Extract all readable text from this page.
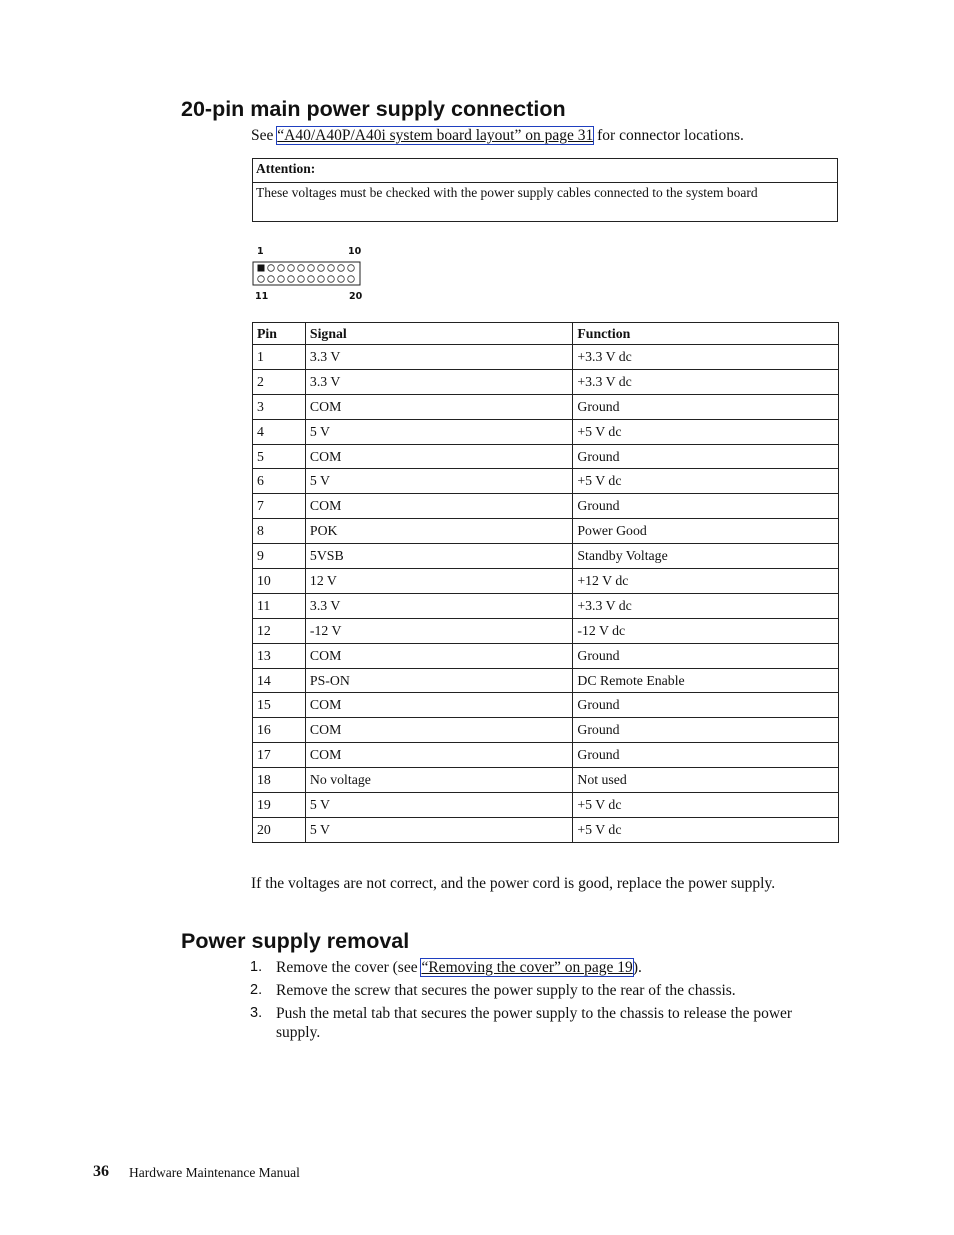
20-pin main power supply connection
See “A40/A40P/A40i system board layout” on page 31 for connector locations.
Attention:
These voltages must be checked with the power supply cables connected to the system board
1	10
11	20
Pin	Signal	Function
1	3.3 V	+3.3 V dc
2	3.3 V	+3.3 V dc
3	COM	Ground
4	5 V	+5 V dc
5	COM	Ground
6	5 V	+5 V dc
7	COM	Ground
8	POK	Power Good
9	5VSB	Standby Voltage
10	12 V	+12 V dc
11	3.3 V	+3.3 V dc
12	-12 V	-12 V dc
13	COM	Ground
14	PS-ON	DC Remote Enable
15	COM	Ground
16	COM	Ground
17	COM	Ground
18	No voltage	Not used
19	5 V	+5 V dc
20	5 V	+5 V dc
If the voltages are not correct, and the power cord is good, replace the power supply.
Power supply removal
1. Remove the cover (see “Removing the cover” on page 19).
2. Remove the screw that secures the power supply to the rear of the chassis.
3. Push the metal tab that secures the power supply to the chassis to release the power supply.
36 Hardware Maintenance Manual
